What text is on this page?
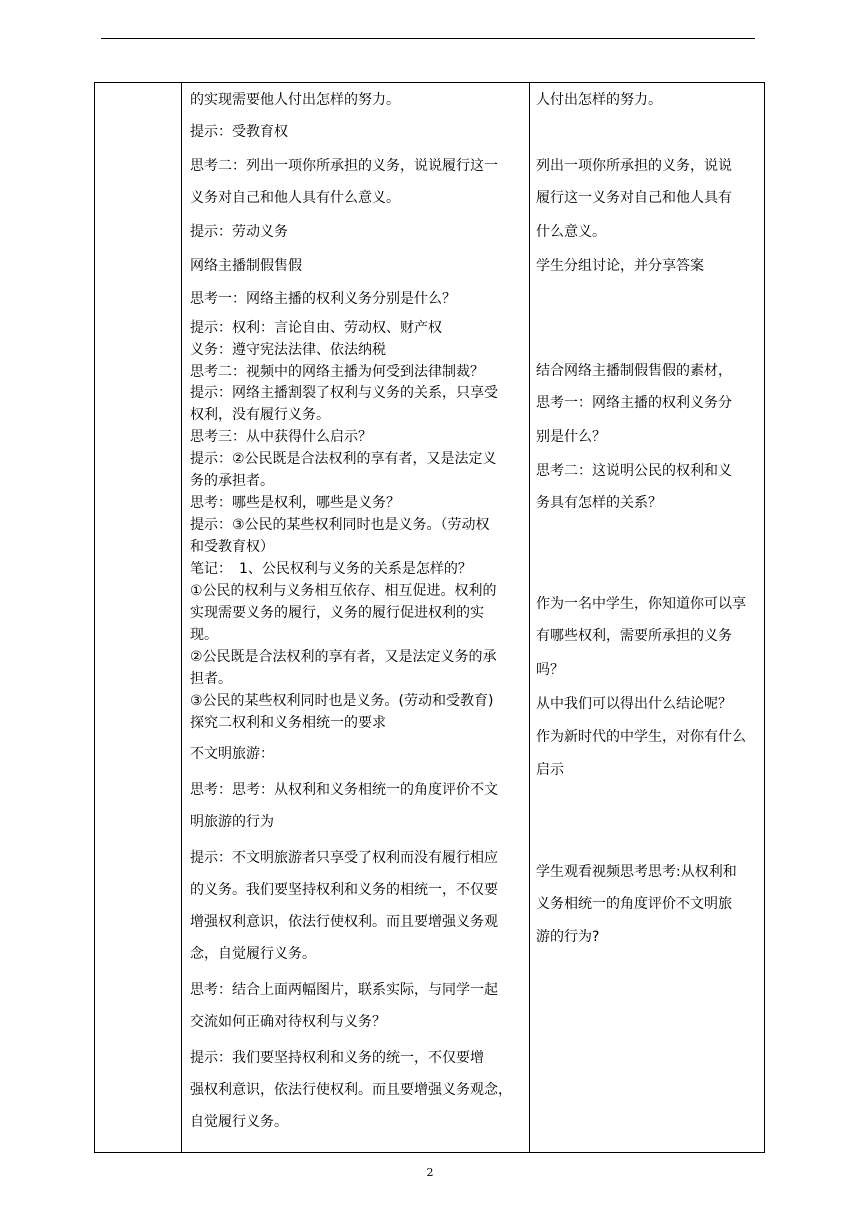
的实现需要他人付出怎样的努力。
提示：受教育权
思考二：列出一项你所承担的义务，说说履行这一
义务对自己和他人具有什么意义。
提示：劳动义务
网络主播制假售假
思考一：网络主播的权利义务分别是什么？
提示：权利：言论自由、劳动权、财产权
义务：遵守宪法法律、依法纳税
思考二：视频中的网络主播为何受到法律制裁？
提示：网络主播割裂了权利与义务的关系，只享受
权利，没有履行义务。
思考三：从中获得什么启示？
提示：②公民既是合法权利的享有者，又是法定义
务的承担者。
思考：哪些是权利，哪些是义务？
提示：③公民的某些权利同时也是义务。（劳动权
和受教育权）
笔记：　1、公民权利与义务的关系是怎样的？
①公民的权利与义务相互依存、相互促进。权利的
实现需要义务的履行，义务的履行促进权利的实
现。
②公民既是合法权利的享有者，又是法定义务的承
担者。
③公民的某些权利同时也是义务。(劳动和受教育)
探究二权利和义务相统一的要求
不文明旅游：
思考：思考：从权利和义务相统一的角度评价不文
明旅游的行为
提示：不文明旅游者只享受了权利而没有履行相应
的义务。我们要坚持权利和义务的相统一，不仅要
增强权利意识，依法行使权利。而且要增强义务观
念，自觉履行义务。
思考：结合上面两幅图片，联系实际，与同学一起
交流如何正确对待权利与义务？
提示：我们要坚持权利和义务的统一，不仅要增
强权利意识，依法行使权利。而且要增强义务观念，
自觉履行义务。
人付出怎样的努力。
列出一项你所承担的义务，说说
履行这一义务对自己和他人具有
什么意义。
学生分组讨论，并分享答案
结合网络主播制假售假的素材，
思考一：网络主播的权利义务分
别是什么？
思考二：这说明公民的权利和义
务具有怎样的关系？
作为一名中学生，你知道你可以享
有哪些权利，需要所承担的义务
吗？
从中我们可以得出什么结论呢？
作为新时代的中学生，对你有什么
启示
学生观看视频思考思考:从权利和
义务相统一的角度评价不文明旅
游的行为?
2
